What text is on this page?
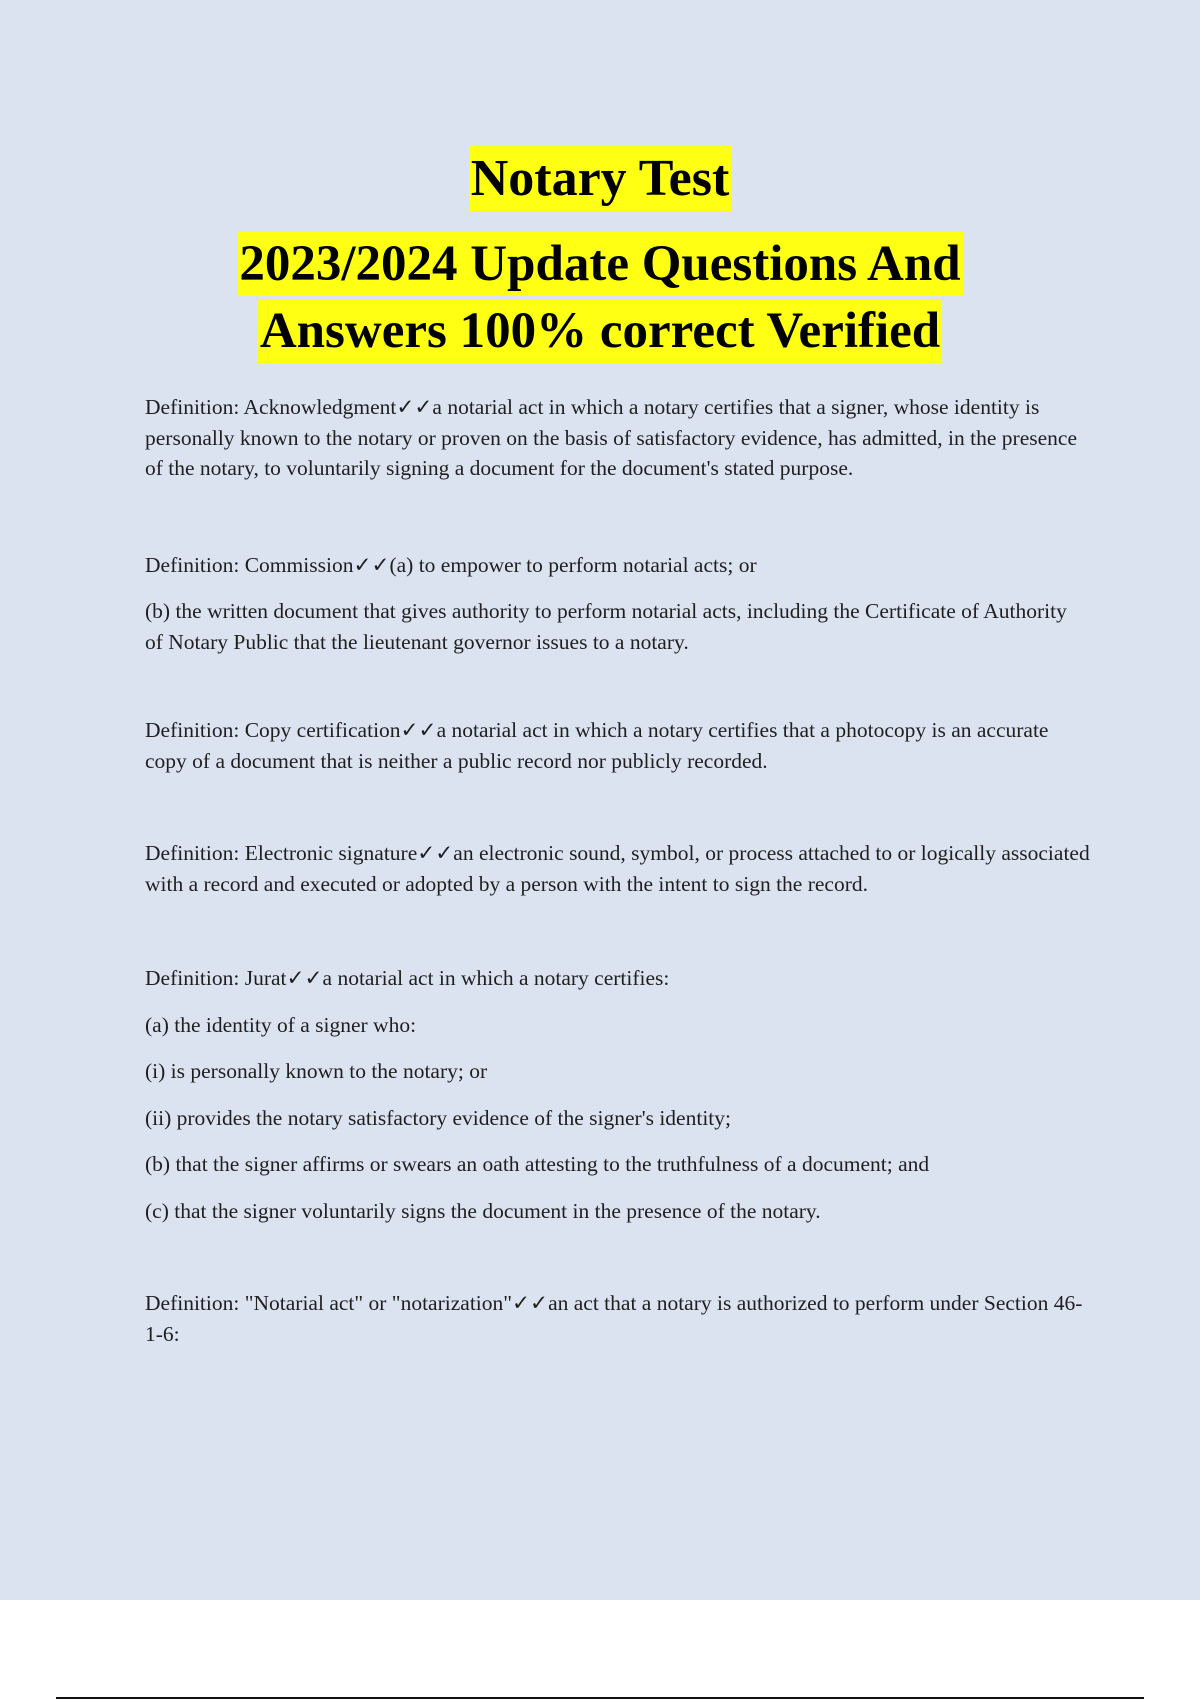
Notary Test
2023/2024 Update Questions And
Answers 100% correct Verified

Definition: Acknowledgment✓✓a notarial act in which a notary certifies that a signer, whose identity is personally known to the notary or proven on the basis of satisfactory evidence, has admitted, in the presence of the notary, to voluntarily signing a document for the document's stated purpose.

Definition: Commission✓✓(a) to empower to perform notarial acts; or

(b) the written document that gives authority to perform notarial acts, including the Certificate of Authority of Notary Public that the lieutenant governor issues to a notary.

Definition: Copy certification✓✓a notarial act in which a notary certifies that a photocopy is an accurate copy of a document that is neither a public record nor publicly recorded.

Definition: Electronic signature✓✓an electronic sound, symbol, or process attached to or logically associated with a record and executed or adopted by a person with the intent to sign the record.

Definition: Jurat✓✓a notarial act in which a notary certifies:

(a) the identity of a signer who:

(i) is personally known to the notary; or

(ii) provides the notary satisfactory evidence of the signer's identity;

(b) that the signer affirms or swears an oath attesting to the truthfulness of a document; and

(c) that the signer voluntarily signs the document in the presence of the notary.

Definition: "Notarial act" or "notarization"✓✓an act that a notary is authorized to perform under Section 46-1-6:
